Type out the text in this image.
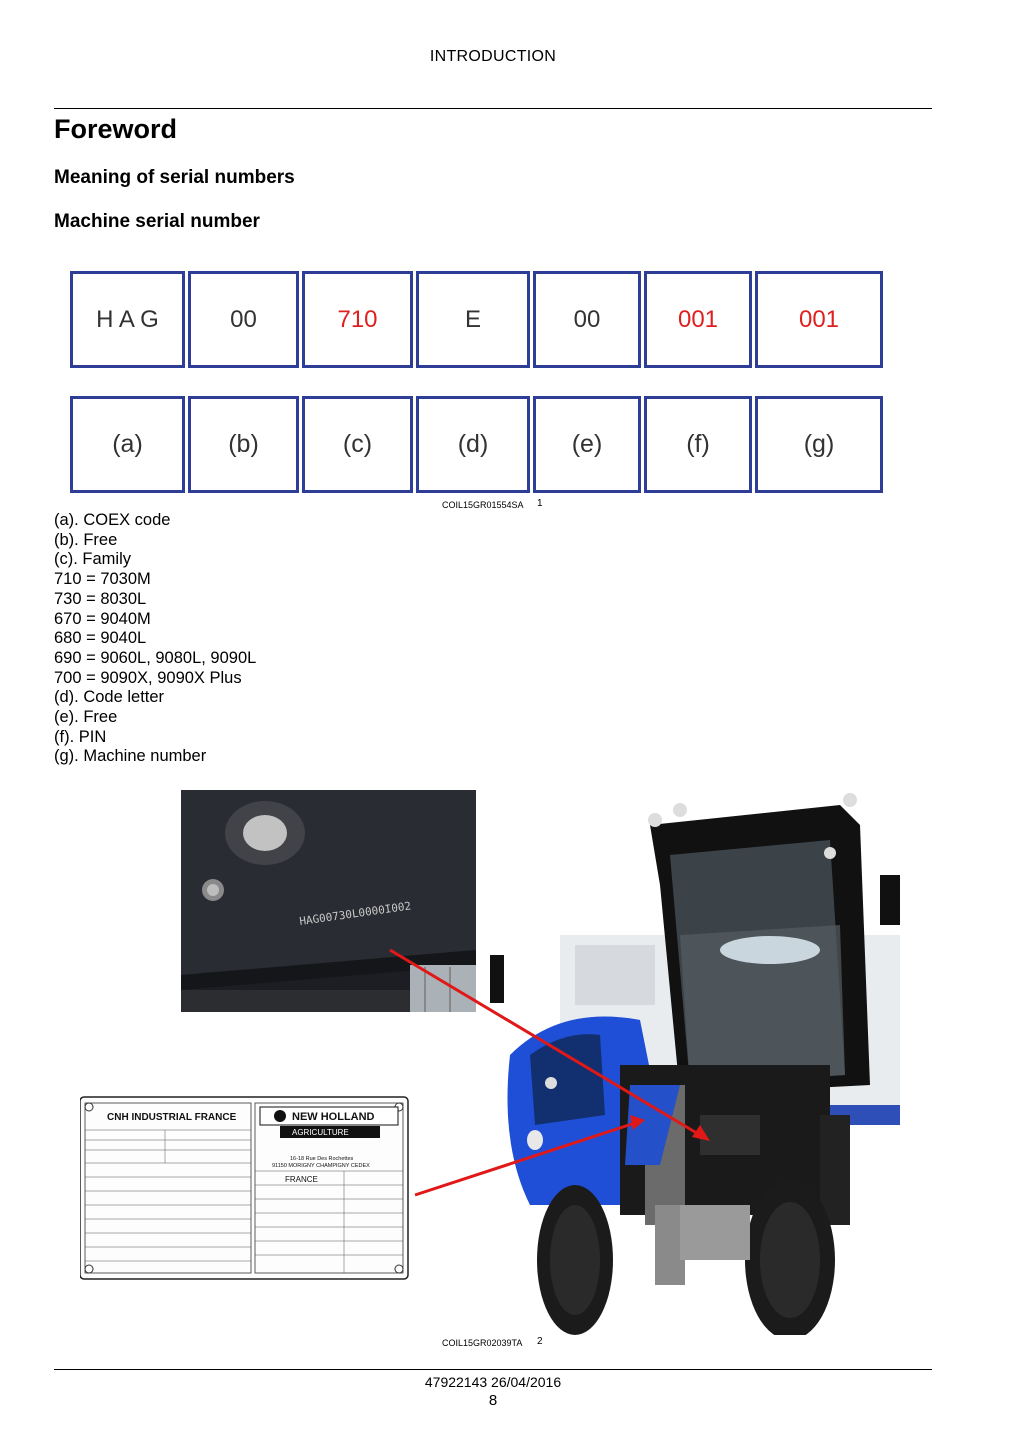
INTRODUCTION
Foreword
Meaning of serial numbers
Machine serial number
H A G	00	710	E	00	001	001
(a)	(b)	(c)	(d)	(e)	(f)	(g)
COIL15GR01554SA 1
(a). COEX code
(b). Free
(c). Family
710 = 7030M
730 = 8030L
670 = 9040M
680 = 9040L
690 = 9060L, 9080L, 9090L
700 = 9090X, 9090X Plus
(d). Code letter
(e). Free
(f). PIN
(g). Machine number
HAG00730L0000I002
CNH INDUSTRIAL FRANCE	NEW HOLLAND
AGRICULTURE
16-18 Rue Des Rochettes
91150 MORIGNY CHAMPIGNY CEDEX
FRANCE
COIL15GR02039TA 2
47922143 26/04/2016
8
